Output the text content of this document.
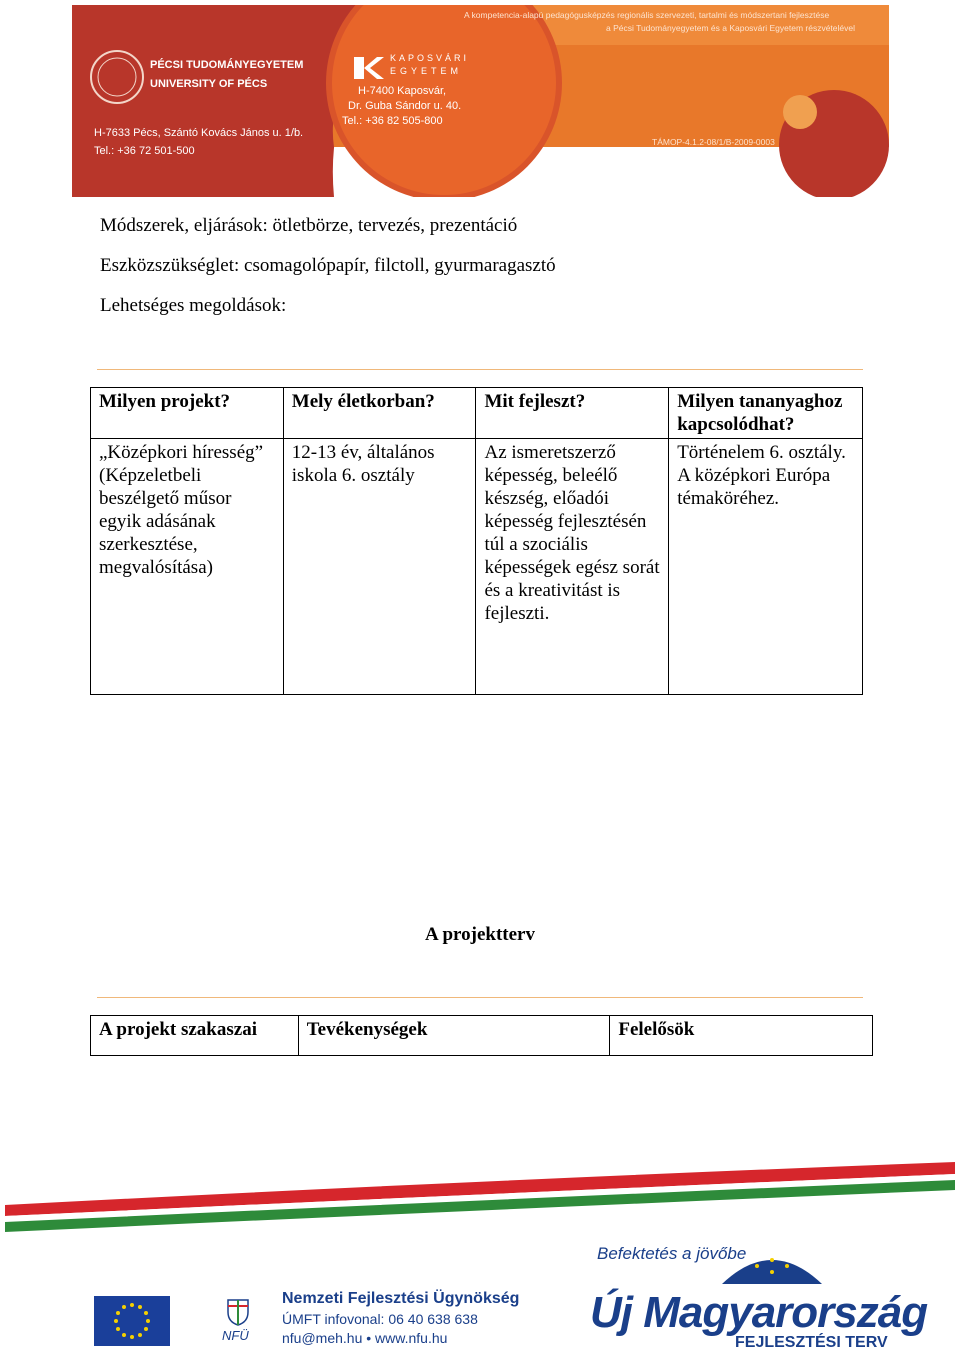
A kompetencia-alapú pedagógusképzés regionális szervezeti, tartalmi és módszertani fejlesztése
a Pécsi Tudományegyetem és a Kaposvári Egyetem részvételével
PÉCSI TUDOMÁNYEGYETEM
UNIVERSITY OF PÉCS
H-7633 Pécs, Szántó Kovács János u. 1/b.
Tel.: +36 72 501-500
KAPOSVÁRI
EGYETEM
H-7400 Kaposvár,
Dr. Guba Sándor u. 40.
Tel.: +36 82 505-800
TÁMOP-4.1.2-08/1/B-2009-0003
Módszerek, eljárások: ötletbörze, tervezés, prezentáció
Eszközszükséglet: csomagolópapír, filctoll, gyurmaragasztó
Lehetséges megoldások:
Milyen projekt?	Mely életkorban?	Mit fejleszt?	Milyen tananyaghoz kapcsolódhat?
„Középkori híresség” (Képzeletbeli beszélgető műsor egyik adásának szerkesztése, megvalósítása)	12-13 év, általános iskola 6. osztály	Az ismeretszerző képesség, beleélő készség, előadói képesség fejlesztésén túl a szociális képességek egész sorát és a kreativitást is fejleszti.	Történelem 6. osztály. A középkori Európa témaköréhez.
A projektterv
A projekt szakaszai	Tevékenységek	Felelősök
Befektetés a jövőbe
NFÜ
Nemzeti Fejlesztési Ügynökség
ÚMFT infovonal: 06 40 638 638
nfu@meh.hu • www.nfu.hu
Új Magyarország
FEJLESZTÉSI TERV
